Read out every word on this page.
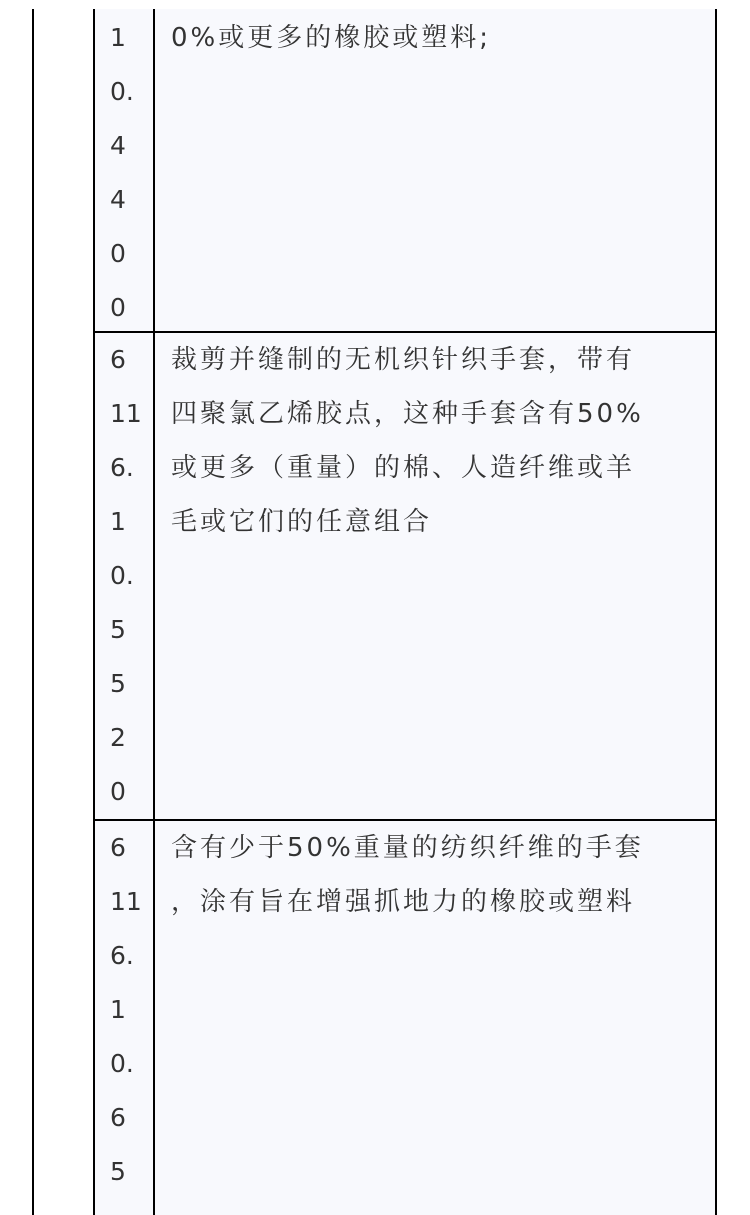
1
0.
4
4
0
0
0%或更多的橡胶或塑料;
6
11
6.
1
0.
5
5
2
0
裁剪并缝制的无机织针织手套，带有
四聚氯乙烯胶点，这种手套含有50%
或更多（重量）的棉、人造纤维或羊
毛或它们的任意组合
6
11
6.
1
0.
6
5
含有少于50%重量的纺织纤维的手套
，涂有旨在增强抓地力的橡胶或塑料
